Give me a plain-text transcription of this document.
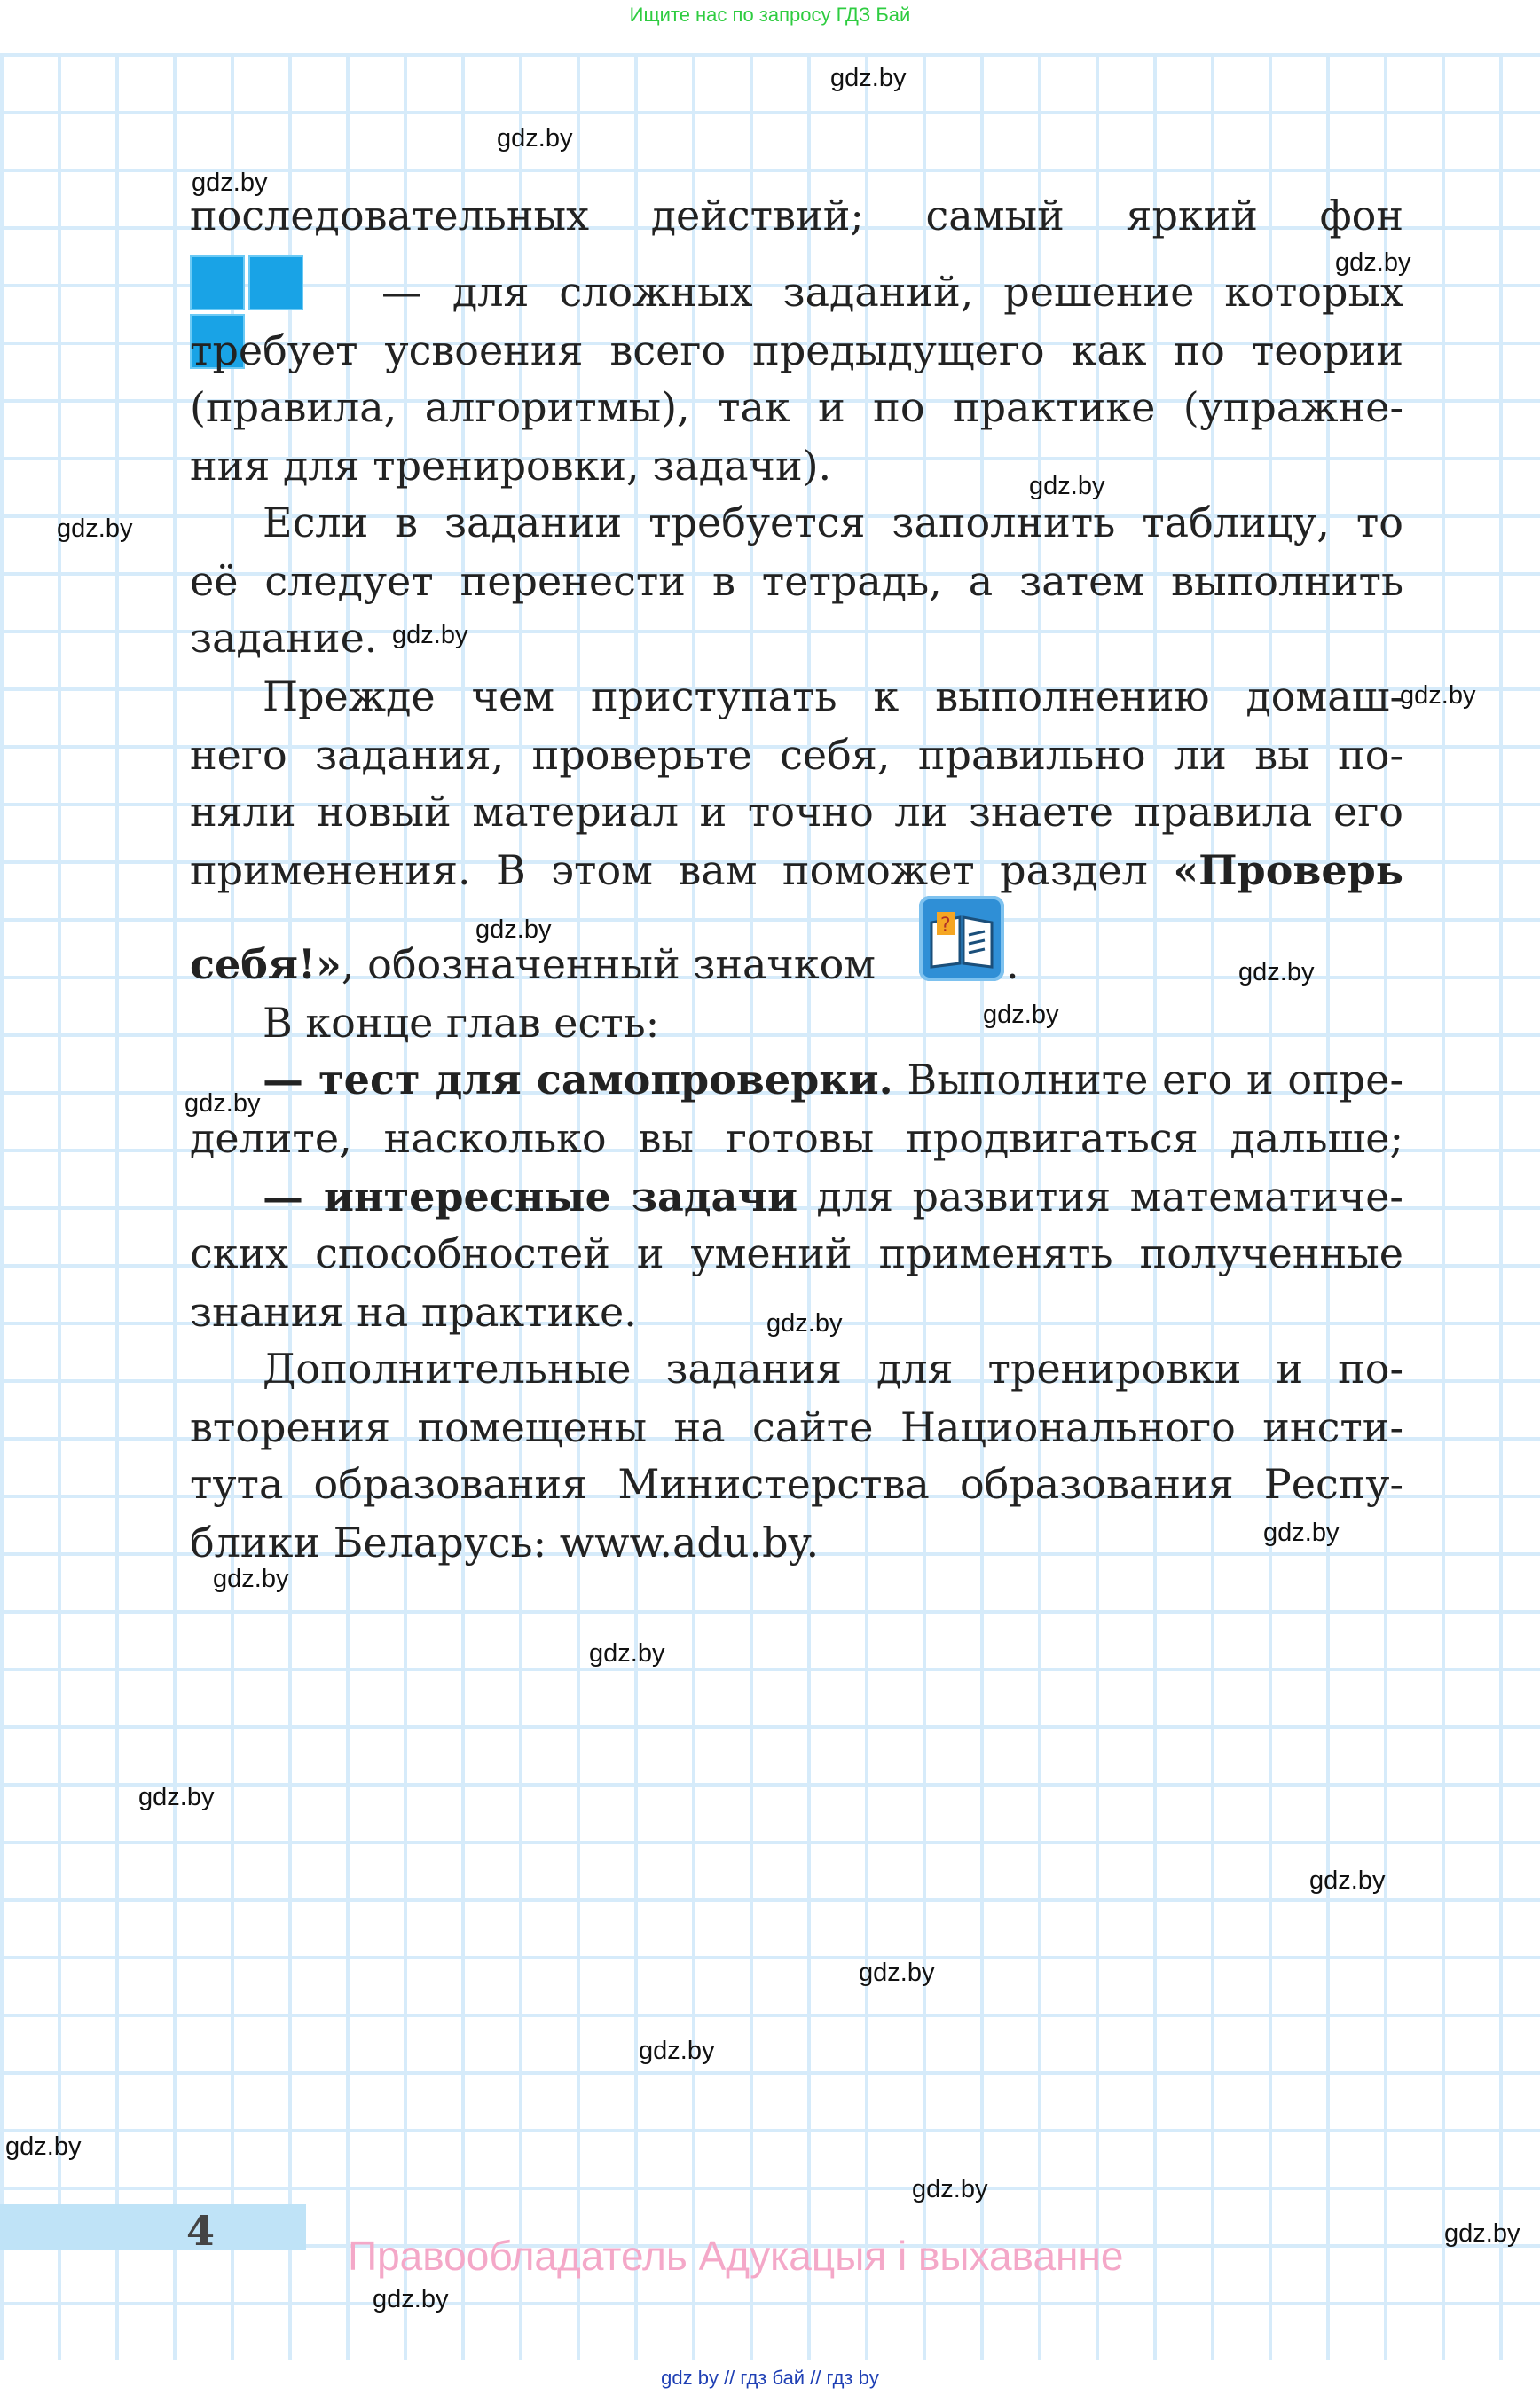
Ищите нас по запросу ГДЗ Бай
gdz.by
gdz.by
gdz.by
gdz.by
gdz.by
gdz.by
gdz.by
gdz.by
gdz.by
gdz.by
gdz.by
gdz.by
gdz.by
gdz.by
gdz.by
gdz.by
gdz.by
gdz.by
gdz.by
gdz.by
gdz.by
gdz.by
gdz.by
gdz.by
последовательных действий; самый яркий фон
— для сложных заданий, решение которых
требует усвоения всего предыдущего как по теории
(правила, алгоритмы), так и по практике (упражне-
ния для тренировки, задачи).
Если в задании требуется заполнить таблицу, то
её следует перенести в тетрадь, а затем выполнить
задание.
Прежде чем приступать к выполнению домаш-
него задания, проверьте себя, правильно ли вы по-
няли новый материал и точно ли знаете правила его
применения. В этом вам поможет раздел «Проверь
себя!», обозначенный значком
?
.
В конце глав есть:
— тест для самопроверки. Выполните его и опре-
делите, насколько вы готовы продвигаться дальше;
— интересные задачи для развития математиче-
ских способностей и умений применять полученные
знания на практике.
Дополнительные задания для тренировки и по-
вторения помещены на сайте Национального инсти-
тута образования Министерства образования Респу-
блики Беларусь: www.adu.by.
4
Правообладатель Адукацыя і выхаванне
gdz by // гдз бай // гдз by
